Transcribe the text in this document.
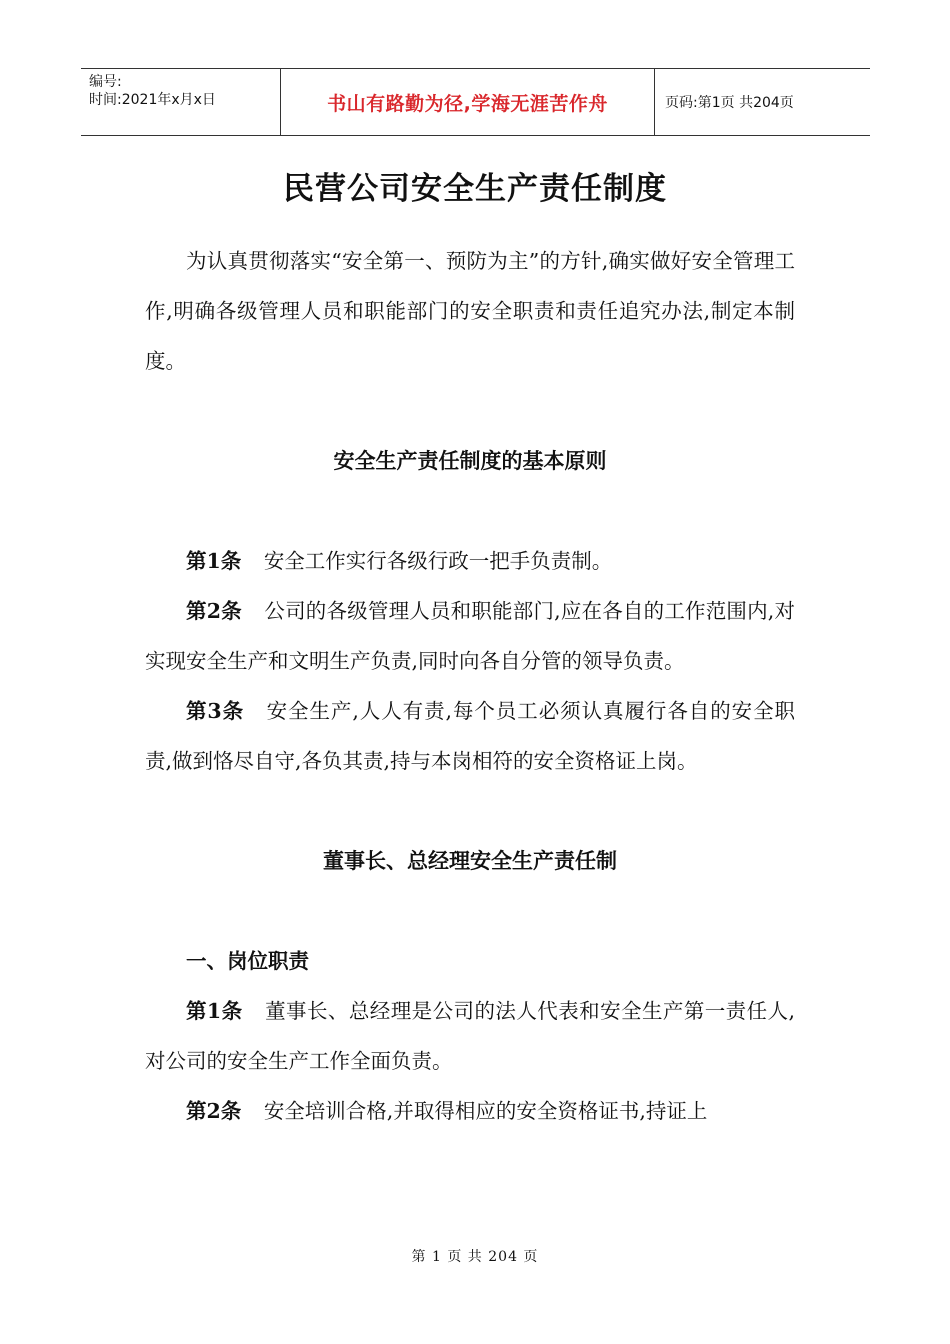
编号:
时间:2021年x月x日	书山有路勤为径,学海无涯苦作舟	页码:第1页 共204页
民营公司安全生产责任制度

为认真贯彻落实“安全第一、预防为主”的方针,确实做好安全管理工作,明确各级管理人员和职能部门的安全职责和责任追究办法,制定本制度。

安全生产责任制度的基本原则

第1条 安全工作实行各级行政一把手负责制。

第2条 公司的各级管理人员和职能部门,应在各自的工作范围内,对实现安全生产和文明生产负责,同时向各自分管的领导负责。

第3条 安全生产,人人有责,每个员工必须认真履行各自的安全职责,做到恪尽自守,各负其责,持与本岗相符的安全资格证上岗。

董事长、总经理安全生产责任制

一、岗位职责

第1条 董事长、总经理是公司的法人代表和安全生产第一责任人,对公司的安全生产工作全面负责。

第2条 安全培训合格,并取得相应的安全资格证书,持证上

第 1 页 共 204 页
